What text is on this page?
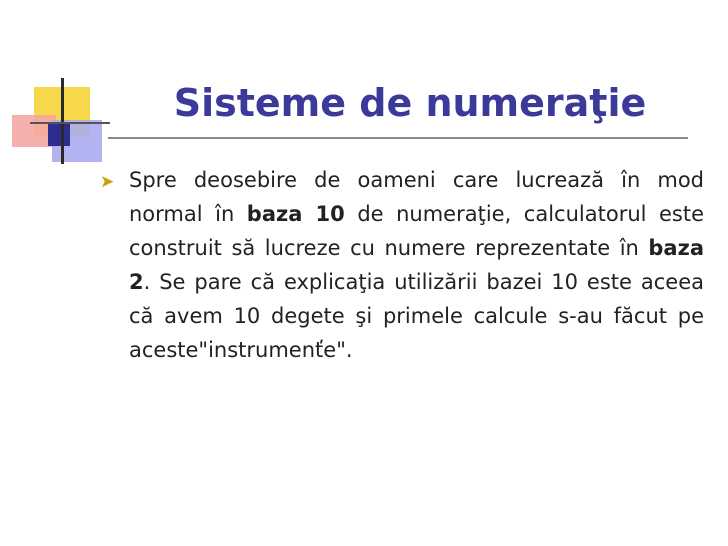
Sisteme de numeraţie
➤ Spre deosebire de oameni care lucrează în mod normal în baza 10 de numeraţie, calculatorul este construit să lucreze cu numere reprezentate în baza 2. Se pare că explicaţia utilizării bazei 10 este aceea că avem 10 degete şi primele calcule s-au făcut pe aceste"instrumenťe".
